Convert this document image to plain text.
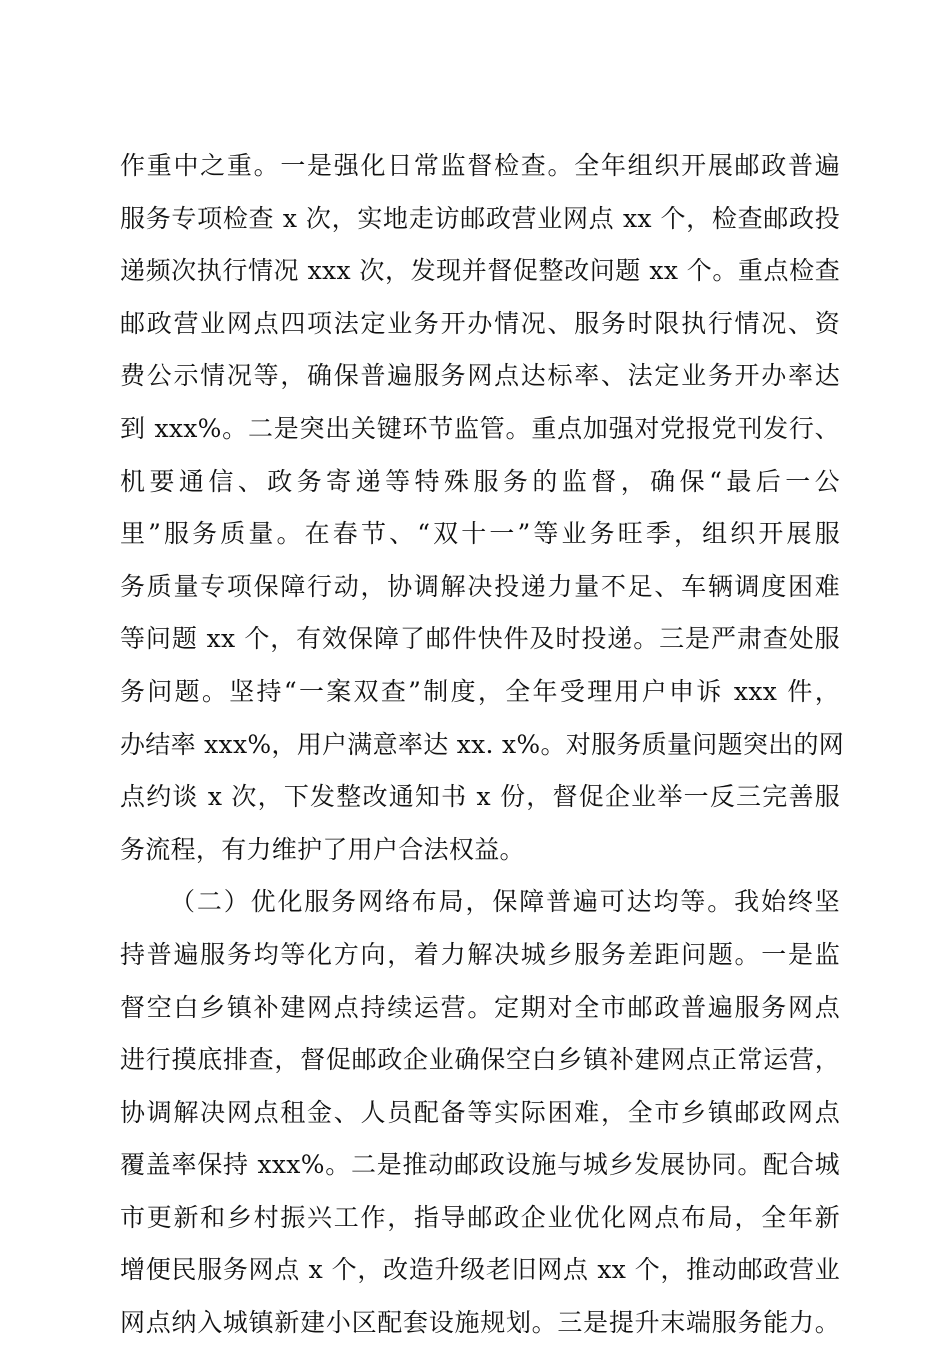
作重中之重。一是强化日常监督检查。全年组织开展邮政普遍
服务专项检查 x 次，实地走访邮政营业网点 xx 个，检查邮政投
递频次执行情况 xxx 次，发现并督促整改问题 xx 个。重点检查
邮政营业网点四项法定业务开办情况、服务时限执行情况、资
费公示情况等，确保普遍服务网点达标率、法定业务开办率达
到 xxx%。二是突出关键环节监管。重点加强对党报党刊发行、
机要通信、政务寄递等特殊服务的监督，确保“最后一公
里”服务质量。在春节、“双十一”等业务旺季，组织开展服
务质量专项保障行动，协调解决投递力量不足、车辆调度困难
等问题 xx 个，有效保障了邮件快件及时投递。三是严肃查处服
务问题。坚持“一案双查”制度，全年受理用户申诉 xxx 件，
办结率 xxx%，用户满意率达 xx. x%。对服务质量问题突出的网
点约谈 x 次，下发整改通知书 x 份，督促企业举一反三完善服
务流程，有力维护了用户合法权益。
（二）优化服务网络布局，保障普遍可达均等。我始终坚
持普遍服务均等化方向，着力解决城乡服务差距问题。一是监
督空白乡镇补建网点持续运营。定期对全市邮政普遍服务网点
进行摸底排查，督促邮政企业确保空白乡镇补建网点正常运营，
协调解决网点租金、人员配备等实际困难，全市乡镇邮政网点
覆盖率保持 xxx%。二是推动邮政设施与城乡发展协同。配合城
市更新和乡村振兴工作，指导邮政企业优化网点布局，全年新
增便民服务网点 x 个，改造升级老旧网点 xx 个，推动邮政营业
网点纳入城镇新建小区配套设施规划。三是提升末端服务能力。
